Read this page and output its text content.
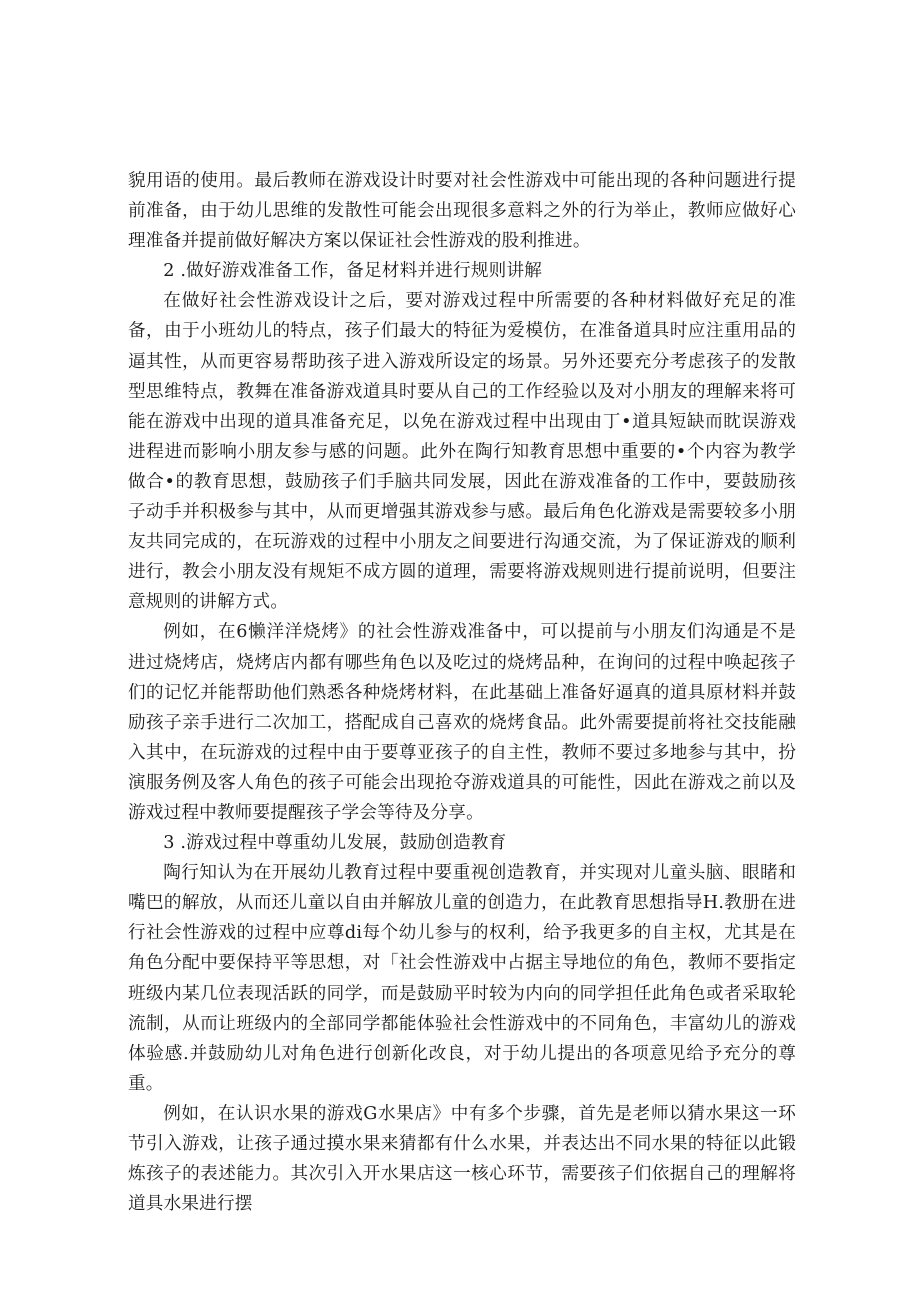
貌用语的使用。最后教师在游戏设计时要对社会性游戏中可能出现的各种问题进行提前准备，由于幼儿思维的发散性可能会出现很多意料之外的行为举止，教师应做好心理准备并提前做好解决方案以保证社会性游戏的股利推进。

2 .做好游戏准备工作，备足材料并进行规则讲解

在做好社会性游戏设计之后，要对游戏过程中所需要的各种材料做好充足的准备，由于小班幼儿的特点，孩子们最大的特征为爱模仿，在准备道具时应注重用品的逼其性，从而更容易帮助孩子进入游戏所设定的场景。另外还要充分考虑孩子的发散型思维特点，教舞在准备游戏道具时要从自己的工作经验以及对小朋友的理解来将可能在游戏中出现的道具准备充足，以免在游戏过程中出现由丁•道具短缺而眈误游戏进程进而影响小朋友参与感的问题。此外在陶行知教育思想中重要的•个内容为教学做合•的教育思想，鼓励孩子们手脑共同发展，因此在游戏准备的工作中，要鼓励孩子动手并积极参与其中，从而更增强其游戏参与感。最后角色化游戏是需要较多小朋友共同完成的，在玩游戏的过程中小朋友之间要进行沟通交流，为了保证游戏的顺利进行，教会小朋友没有规矩不成方圆的道理，需要将游戏规则进行提前说明，但要注意规则的讲解方式。

例如，在6懒洋洋烧烤》的社会性游戏准备中，可以提前与小朋友们沟通是不是进过烧烤店，烧烤店内都有哪些角色以及吃过的烧烤品种，在询问的过程中唤起孩子们的记忆并能帮助他们熟悉各种烧烤材料，在此基础上准备好逼真的道具原材料并鼓励孩子亲手进行二次加工，搭配成自己喜欢的烧烤食品。此外需要提前将社交技能融入其中，在玩游戏的过程中由于要尊亚孩子的自主性，教师不要过多地参与其中，扮演服务例及客人角色的孩子可能会出现抢夺游戏道具的可能性，因此在游戏之前以及游戏过程中教师要提醒孩子学会等待及分享。

3 .游戏过程中尊重幼儿发展，鼓励创造教育

陶行知认为在开展幼儿教育过程中要重视创造教育，并实现对儿童头脑、眼睹和嘴巴的解放，从而还儿童以自由并解放儿童的创造力，在此教育思想指导H.教册在进行社会性游戏的过程中应尊di每个幼儿参与的权利，给予我更多的自主权，尤其是在角色分配中要保持平等思想，对「社会性游戏中占据主导地位的角色，教师不要指定班级内某几位表现活跃的同学，而是鼓励平时较为内向的同学担任此角色或者采取轮流制，从而让班级内的全部同学都能体验社会性游戏中的不同角色，丰富幼儿的游戏体验感.并鼓励幼儿对角色进行创新化改良，对于幼儿提出的各项意见给予充分的尊重。

例如，在认识水果的游戏G水果店》中有多个步骤，首先是老师以猜水果这一环节引入游戏，让孩子通过摸水果来猜都有什么水果，并表达出不同水果的特征以此锻炼孩子的表述能力。其次引入开水果店这一核心环节，需要孩子们依据自己的理解将道具水果进行摆
